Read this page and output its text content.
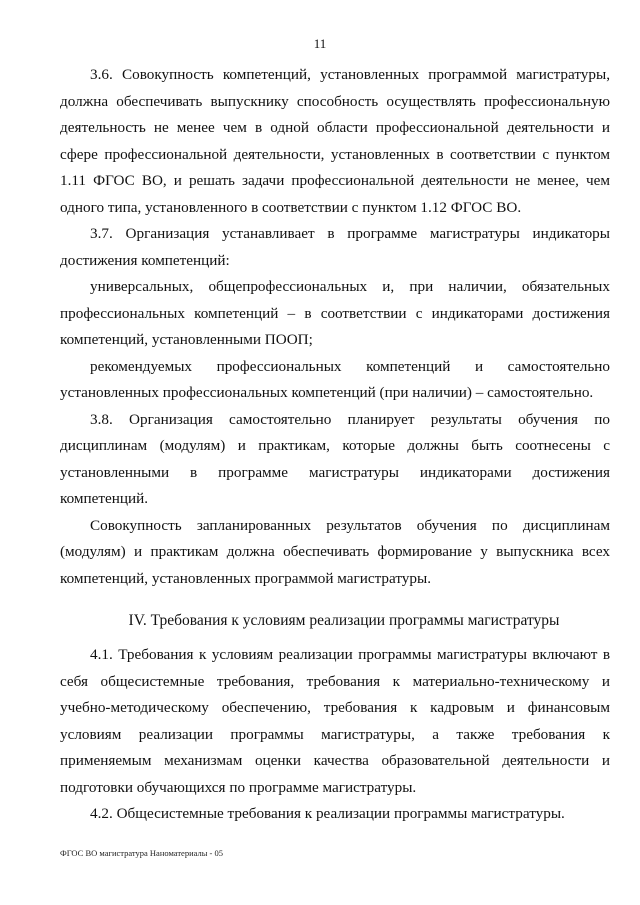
11

3.6. Совокупность компетенций, установленных программой магистратуры, должна обеспечивать выпускнику способность осуществлять профессиональную деятельность не менее чем в одной области профессиональной деятельности и сфере профессиональной деятельности, установленных в соответствии с пунктом 1.11 ФГОС ВО, и решать задачи профессиональной деятельности не менее, чем одного типа, установленного в соответствии с пунктом 1.12 ФГОС ВО.

3.7. Организация устанавливает в программе магистратуры индикаторы достижения компетенций:

универсальных, общепрофессиональных и, при наличии, обязательных профессиональных компетенций – в соответствии с индикаторами достижения компетенций, установленными ПООП;

рекомендуемых профессиональных компетенций и самостоятельно установленных профессиональных компетенций (при наличии) – самостоятельно.

3.8. Организация самостоятельно планирует результаты обучения по дисциплинам (модулям) и практикам, которые должны быть соотнесены с установленными в программе магистратуры индикаторами достижения компетенций.

Совокупность запланированных результатов обучения по дисциплинам (модулям) и практикам должна обеспечивать формирование у выпускника всех компетенций, установленных программой магистратуры.

IV. Требования к условиям реализации программы магистратуры

4.1. Требования к условиям реализации программы магистратуры включают в себя общесистемные требования, требования к материально-техническому и учебно-методическому обеспечению, требования к кадровым и финансовым условиям реализации программы магистратуры, а также требования к применяемым механизмам оценки качества образовательной деятельности и подготовки обучающихся по программе магистратуры.

4.2. Общесистемные требования к реализации программы магистратуры.

ФГОС ВО магистратура Наноматериалы - 05
